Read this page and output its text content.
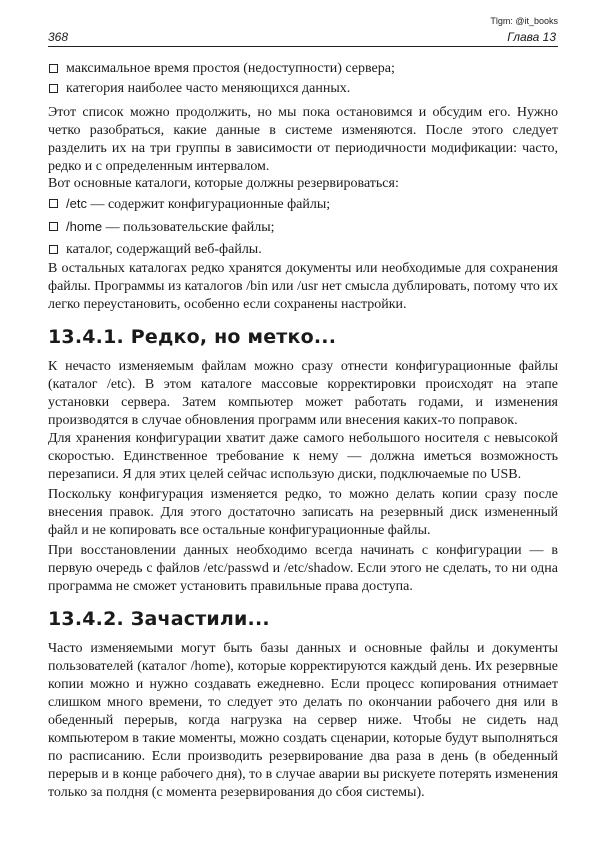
Tlgm: @it_books
368	Глава 13
максимальное время простоя (недоступности) сервера;
категория наиболее часто меняющихся данных.

Этот список можно продолжить, но мы пока остановимся и обсудим его. Нужно четко разобраться, какие данные в системе изменяются. После этого следует разделить их на три группы в зависимости от периодичности модификации: часто, редко и с определенным интервалом.

Вот основные каталоги, которые должны резервироваться:

/etc — содержит конфигурационные файлы;
/home — пользовательские файлы;
каталог, содержащий веб-файлы.

В остальных каталогах редко хранятся документы или необходимые для сохранения файлы. Программы из каталогов /bin или /usr нет смысла дублировать, потому что их легко переустановить, особенно если сохранены настройки.

13.4.1. Редко, но метко...

К нечасто изменяемым файлам можно сразу отнести конфигурационные файлы (каталог /etc). В этом каталоге массовые корректировки происходят на этапе установки сервера. Затем компьютер может работать годами, и изменения производятся в случае обновления программ или внесения каких-то поправок.

Для хранения конфигурации хватит даже самого небольшого носителя с невысокой скоростью. Единственное требование к нему — должна иметься возможность перезаписи. Я для этих целей сейчас использую диски, подключаемые по USB.

Поскольку конфигурация изменяется редко, то можно делать копии сразу после внесения правок. Для этого достаточно записать на резервный диск измененный файл и не копировать все остальные конфигурационные файлы.

При восстановлении данных необходимо всегда начинать с конфигурации — в первую очередь с файлов /etc/passwd и /etc/shadow. Если этого не сделать, то ни одна программа не сможет установить правильные права доступа.

13.4.2. Зачастили...

Часто изменяемыми могут быть базы данных и основные файлы и документы пользователей (каталог /home), которые корректируются каждый день. Их резервные копии можно и нужно создавать ежедневно. Если процесс копирования отнимает слишком много времени, то следует это делать по окончании рабочего дня или в обеденный перерыв, когда нагрузка на сервер ниже. Чтобы не сидеть над компьютером в такие моменты, можно создать сценарии, которые будут выполняться по расписанию. Если производить резервирование два раза в день (в обеденный перерыв и в конце рабочего дня), то в случае аварии вы рискуете потерять изменения только за полдня (с момента резервирования до сбоя системы).
